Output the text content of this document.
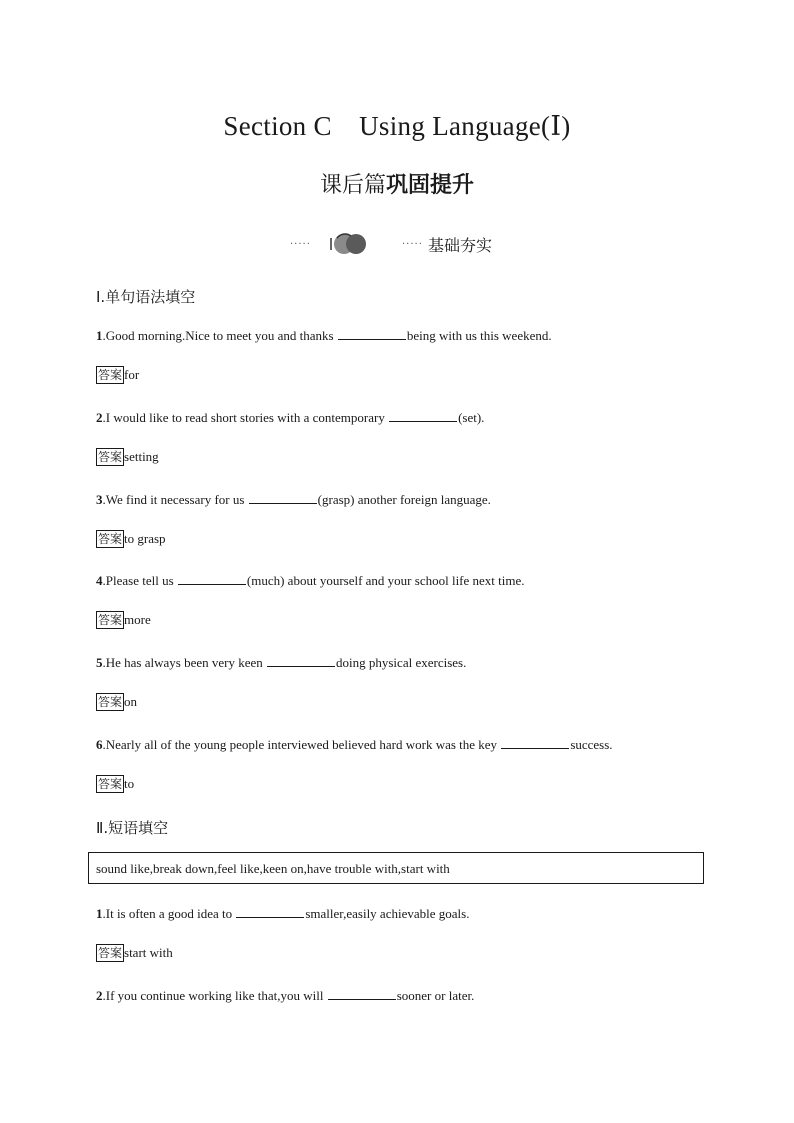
Section C　Using Language(Ⅰ)
课后篇巩固提升
·····	····· 基础夯实
Ⅰ.单句语法填空
1.Good morning.Nice to meet you and thanks	being with us this weekend.
答案 for
2.I would like to read short stories with a contemporary	(set).
答案 setting
3.We find it necessary for us	(grasp) another foreign language.
答案 to grasp
4.Please tell us	(much) about yourself and your school life next time.
答案 more
5.He has always been very keen	doing physical exercises.
答案 on
6.Nearly all of the young people interviewed believed hard work was the key	success.
答案 to
Ⅱ.短语填空
sound like,break down,feel like,keen on,have trouble with,start with
1.It is often a good idea to	smaller,easily achievable goals.
答案 start with
2.If you continue working like that,you will	sooner or later.
